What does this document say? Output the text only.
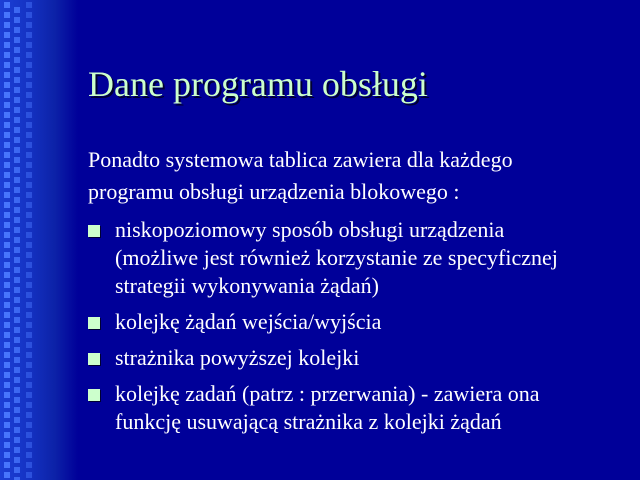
Dane programu obsługi

Ponadto systemowa tablica zawiera dla każdego

programu obsługi urządzenia blokowego :

niskopoziomowy sposób obsługi urządzenia
(możliwe jest również korzystanie ze specyficznej
strategii wykonywania żądań)
kolejkę żądań wejścia/wyjścia
strażnika powyższej kolejki
kolejkę zadań (patrz : przerwania) - zawiera ona
funkcję usuwającą strażnika z kolejki żądań
